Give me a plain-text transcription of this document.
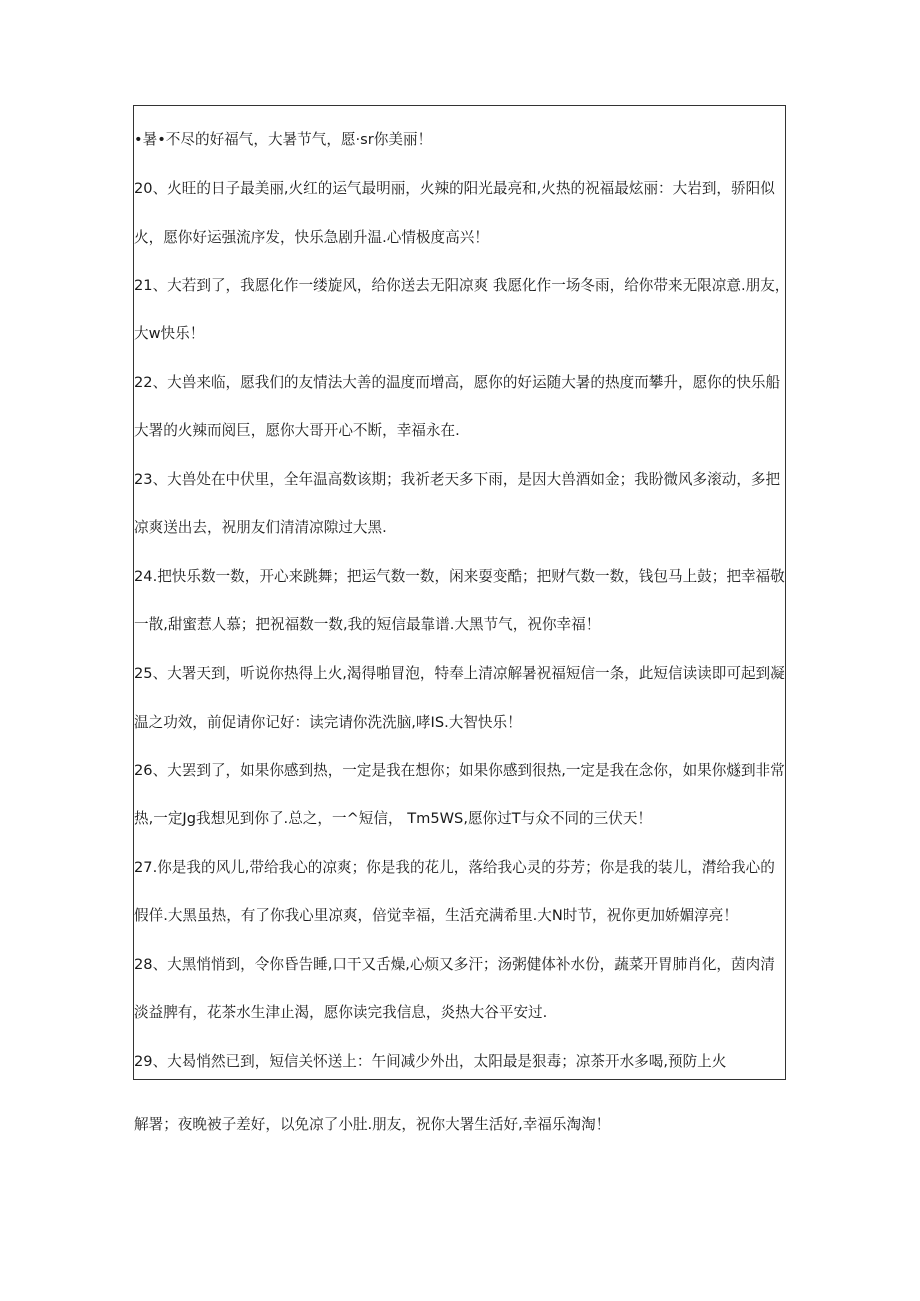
•暑•不尽的好福气，大暑节气，愿·sr你美丽！
20、火旺的日子最美丽,火红的运气最明丽，火辣的阳光最亮和,火热的祝福最炫丽：大岩到，骄阳似
火，愿你好运强流序发，快乐急剧升温.心情极度高兴！
21、大若到了，我愿化作一缕旋风，给你送去无阳凉爽 我愿化作一场冬雨，给你带来无限凉意.朋友，
大w快乐！
22、大兽来临，愿我们的友情法大善的温度而增高，愿你的好运随大暑的热度而攀升，愿你的快乐船
大署的火辣而阅巨，愿你大哥开心不断，幸福永在.
23、大兽处在中伏里，全年温高数该期；我祈老天多下雨，是因大兽酒如金；我盼微风多滚动，多把
凉爽送出去，祝朋友们清清凉隙过大黑.
24.把快乐数一数，开心来跳舞；把运气数一数，闲来耍变酷；把财气数一数，钱包马上鼓；把幸福敬
一散,甜蜜惹人慕；把祝福数一数,我的短信最靠谱.大黑节气，祝你幸福！
25、大署天到，听说你热得上火,渴得啪冒泡，特奉上清凉解暑祝福短信一条，此短信读读即可起到凝
温之功效，前促请你记好：读完请你洗洗脑,哮IS.大智快乐！
26、大罢到了，如果你感到热，一定是我在想你；如果你感到很热,一定是我在念你，如果你燧到非常
热,一定Jg我想见到你了.总之，一^短信， Tm5WS,愿你过T与众不同的三伏天！
27.你是我的风儿,带给我心的凉爽；你是我的花儿，落给我心灵的芬芳；你是我的装儿，潸给我心的
假佯.大黑虽热，有了你我心里凉爽，倍觉幸福，生活充满希里.大N时节，祝你更加娇媚淳亮！
28、大黑悄悄到，令你昏告睡,口干又舌燥,心烦又多汗；汤粥健体补水份，蔬菜开胃肺肖化，茵肉清
淡益脾有，花茶水生津止渴，愿你读完我信息，炎热大谷平安过.
29、大曷悄然已到，短信关怀送上：午间减少外出，太阳最是狠毒；凉茶开水多喝,预防上火
解署；夜晚被子差好，以免凉了小肚.朋友，祝你大署生活好,幸福乐淘淘！
